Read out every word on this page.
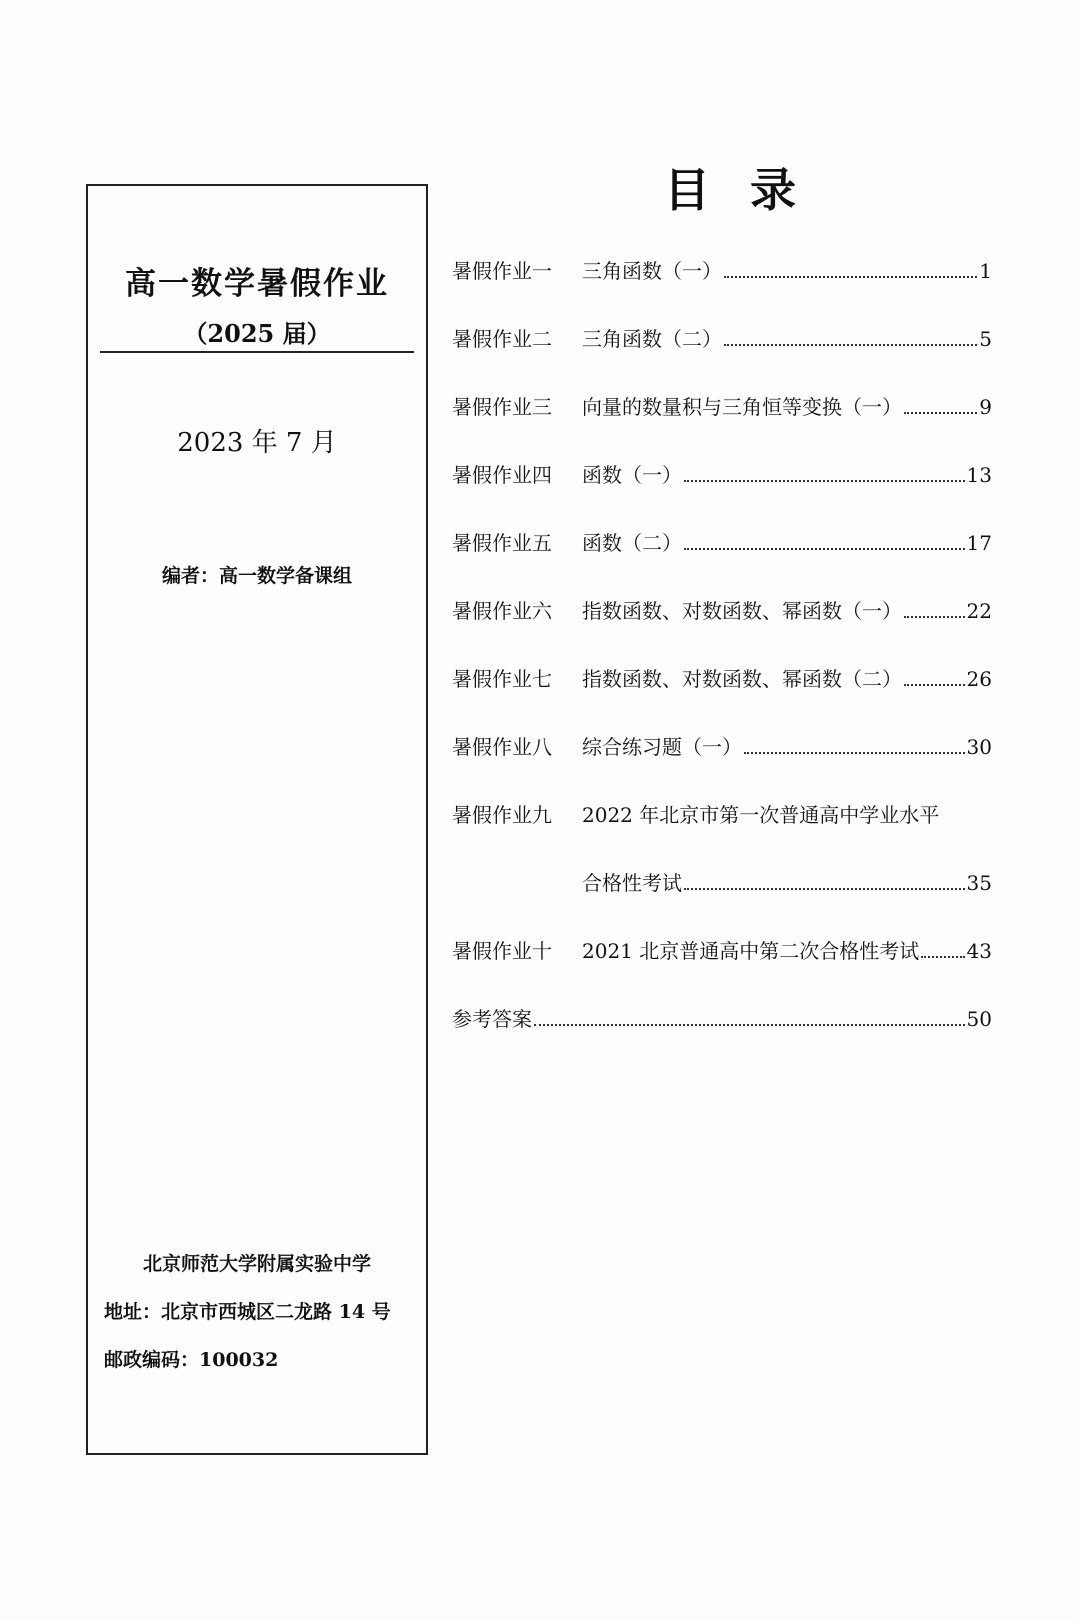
高一数学暑假作业
（2025 届）
2023 年 7 月
编者：高一数学备课组
北京师范大学附属实验中学
地址：北京市西城区二龙路 14 号
邮政编码：100032
目录
暑假作业一	三角函数（一）	1
暑假作业二	三角函数（二）	5
暑假作业三	向量的数量积与三角恒等变换（一）	9
暑假作业四	函数（一）	13
暑假作业五	函数（二）	17
暑假作业六	指数函数、对数函数、幂函数（一）	22
暑假作业七	指数函数、对数函数、幂函数（二）	26
暑假作业八	综合练习题（一）	30
暑假作业九	2022 年北京市第一次普通高中学业水平
合格性考试	35
暑假作业十	2021 北京普通高中第二次合格性考试 43
参考答案	50
